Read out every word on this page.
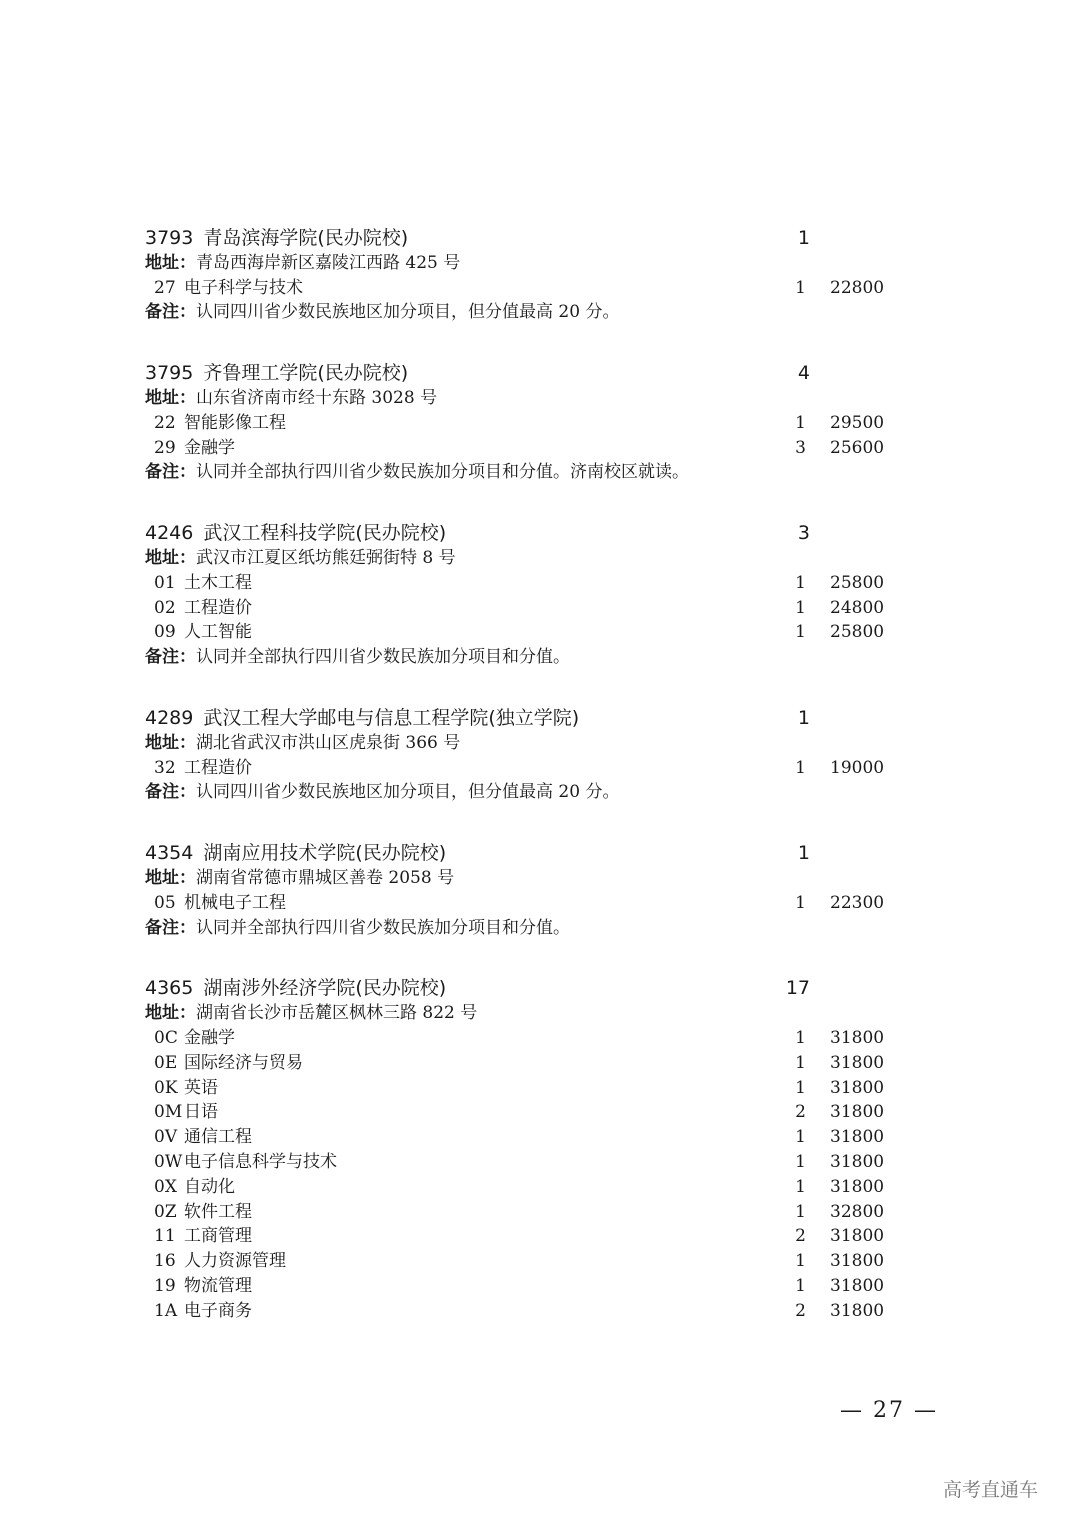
3793 青岛滨海学院(民办院校)	1
地址：青岛西海岸新区嘉陵江西路 425 号
27 电子科学与技术	1 22800
备注：认同四川省少数民族地区加分项目，但分值最高 20 分。
3795 齐鲁理工学院(民办院校)	4
地址：山东省济南市经十东路 3028 号
22 智能影像工程	1 29500
29 金融学	3 25600
备注：认同并全部执行四川省少数民族加分项目和分值。济南校区就读。
4246 武汉工程科技学院(民办院校)	3
地址：武汉市江夏区纸坊熊廷弼街特 8 号
01 土木工程	1 25800
02 工程造价	1 24800
09 人工智能	1 25800
备注：认同并全部执行四川省少数民族加分项目和分值。
4289 武汉工程大学邮电与信息工程学院(独立学院)	1
地址：湖北省武汉市洪山区虎泉街 366 号
32 工程造价	1 19000
备注：认同四川省少数民族地区加分项目，但分值最高 20 分。
4354 湖南应用技术学院(民办院校)	1
地址：湖南省常德市鼎城区善卷 2058 号
05 机械电子工程	1 22300
备注：认同并全部执行四川省少数民族加分项目和分值。
4365 湖南涉外经济学院(民办院校)	17
地址：湖南省长沙市岳麓区枫林三路 822 号
0C 金融学	1 31800
0E 国际经济与贸易	1 31800
0K 英语	1 31800
0M 日语	2 31800
0V 通信工程	1 31800
0W 电子信息科学与技术	1 31800
0X 自动化	1 31800
0Z 软件工程	1 32800
11 工商管理	2 31800
16 人力资源管理	1 31800
19 物流管理	1 31800
1A 电子商务	2 31800
— 27 —
高考直通车
